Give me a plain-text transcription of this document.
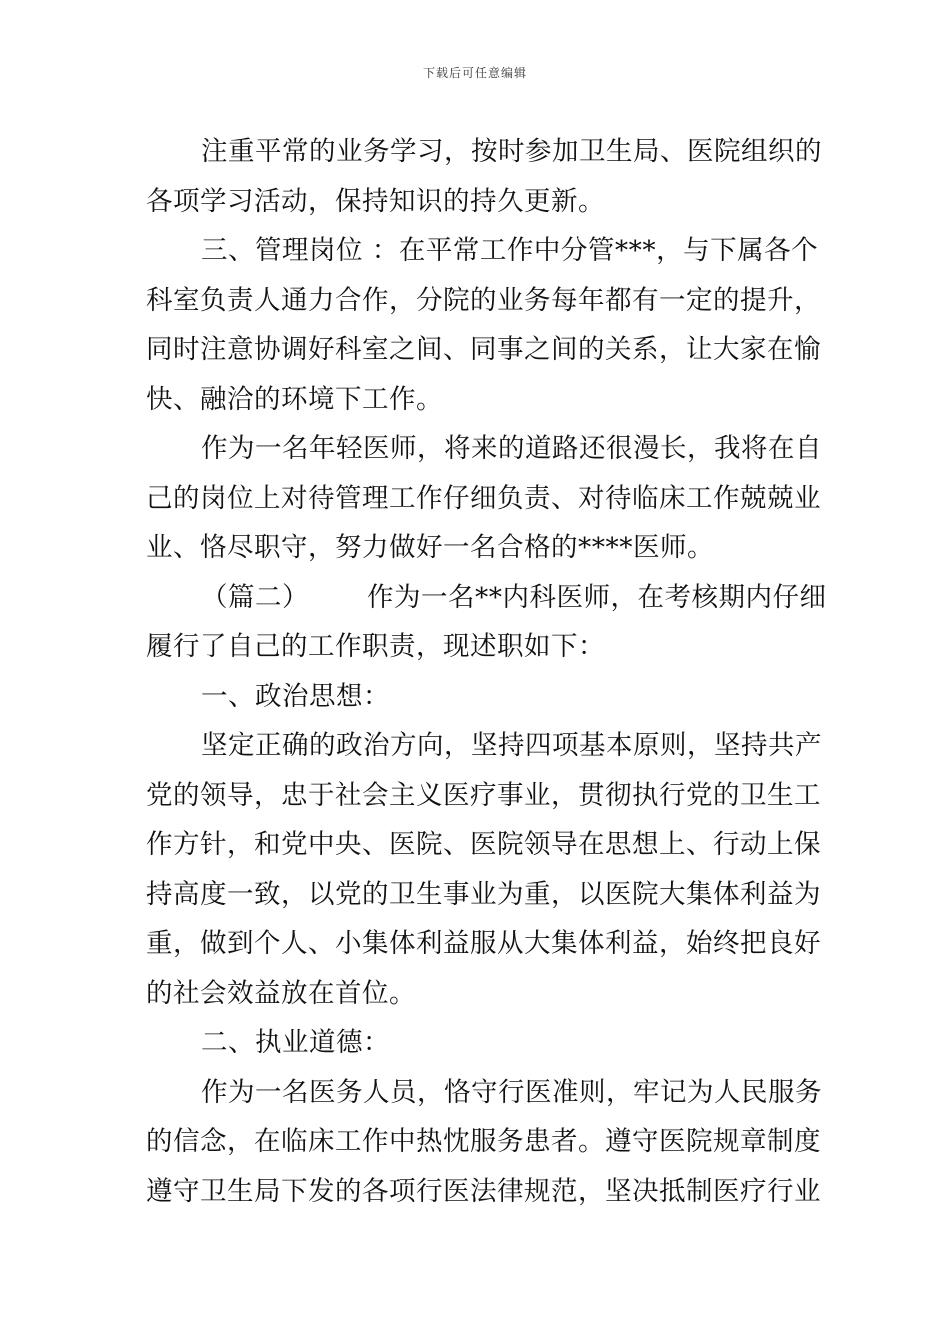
下载后可任意编辑
注重平常的业务学习，按时参加卫生局、医院组织的
各项学习活动，保持知识的持久更新。
三、管理岗位 ：在平常工作中分管***，与下属各个
科室负责人通力合作，分院的业务每年都有一定的提升，
同时注意协调好科室之间、同事之间的关系，让大家在愉
快、融洽的环境下工作。
作为一名年轻医师，将来的道路还很漫长，我将在自
己的岗位上对待管理工作仔细负责、对待临床工作兢兢业
业、恪尽职守，努力做好一名合格的****医师。
（篇二） 作为一名**内科医师，在考核期内仔细
履行了自己的工作职责，现述职如下：
一、政治思想：
坚定正确的政治方向，坚持四项基本原则，坚持共产
党的领导，忠于社会主义医疗事业，贯彻执行党的卫生工
作方针，和党中央、医院、医院领导在思想上、行动上保
持高度一致，以党的卫生事业为重，以医院大集体利益为
重，做到个人、小集体利益服从大集体利益，始终把良好
的社会效益放在首位。
二、执业道德：
作为一名医务人员，恪守行医准则，牢记为人民服务
的信念，在临床工作中热忱服务患者。遵守医院规章制度
遵守卫生局下发的各项行医法律规范，坚决抵制医疗行业
